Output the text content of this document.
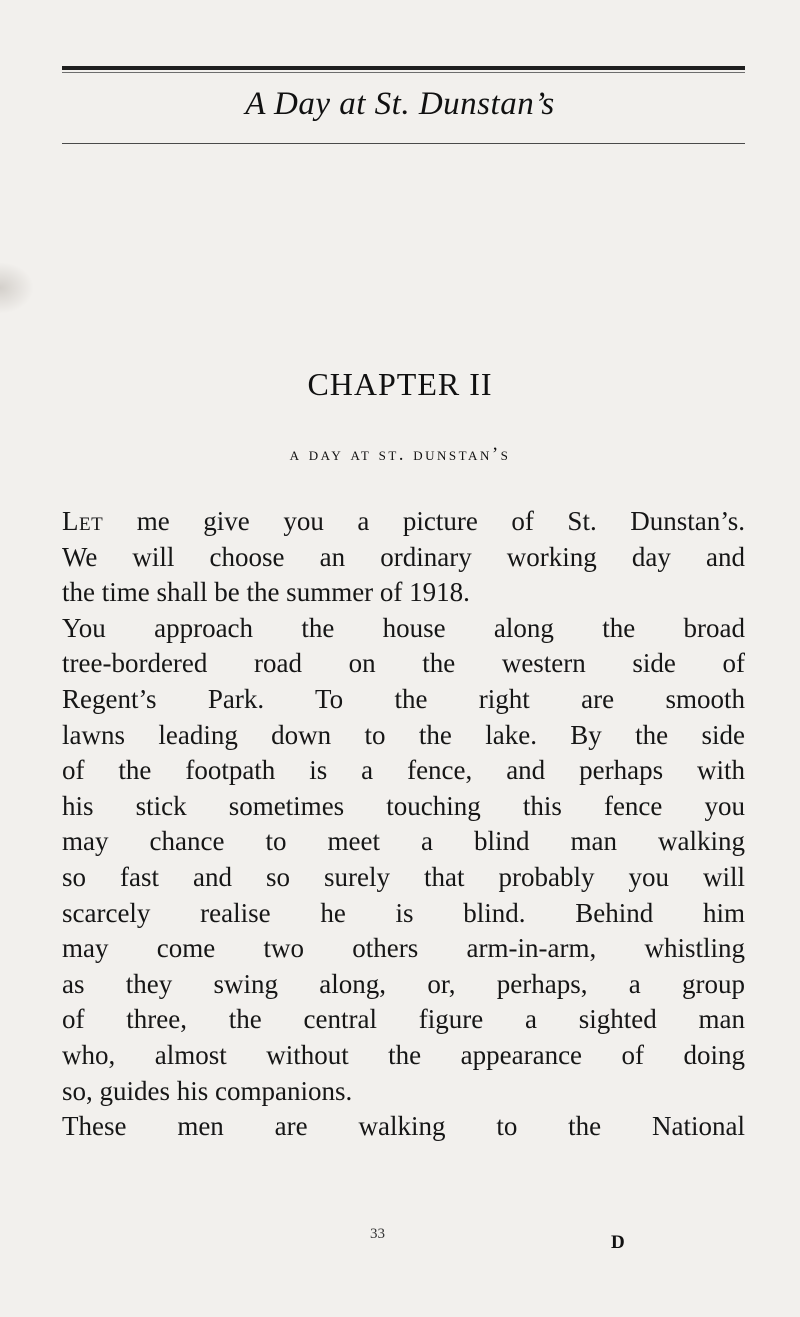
A Day at St. Dunstan’s
CHAPTER II
a day at st. dunstan’s
Let me give you a picture of St. Dunstan’s.
We will choose an ordinary working day and
the time shall be the summer of 1918.
You approach the house along the broad
tree-bordered road on the western side of
Regent’s Park. To the right are smooth
lawns leading down to the lake. By the side
of the footpath is a fence, and perhaps with
his stick sometimes touching this fence you
may chance to meet a blind man walking
so fast and so surely that probably you will
scarcely realise he is blind. Behind him
may come two others arm-in-arm, whistling
as they swing along, or, perhaps, a group
of three, the central figure a sighted man
who, almost without the appearance of doing
so, guides his companions.
These men are walking to the National
33	D
